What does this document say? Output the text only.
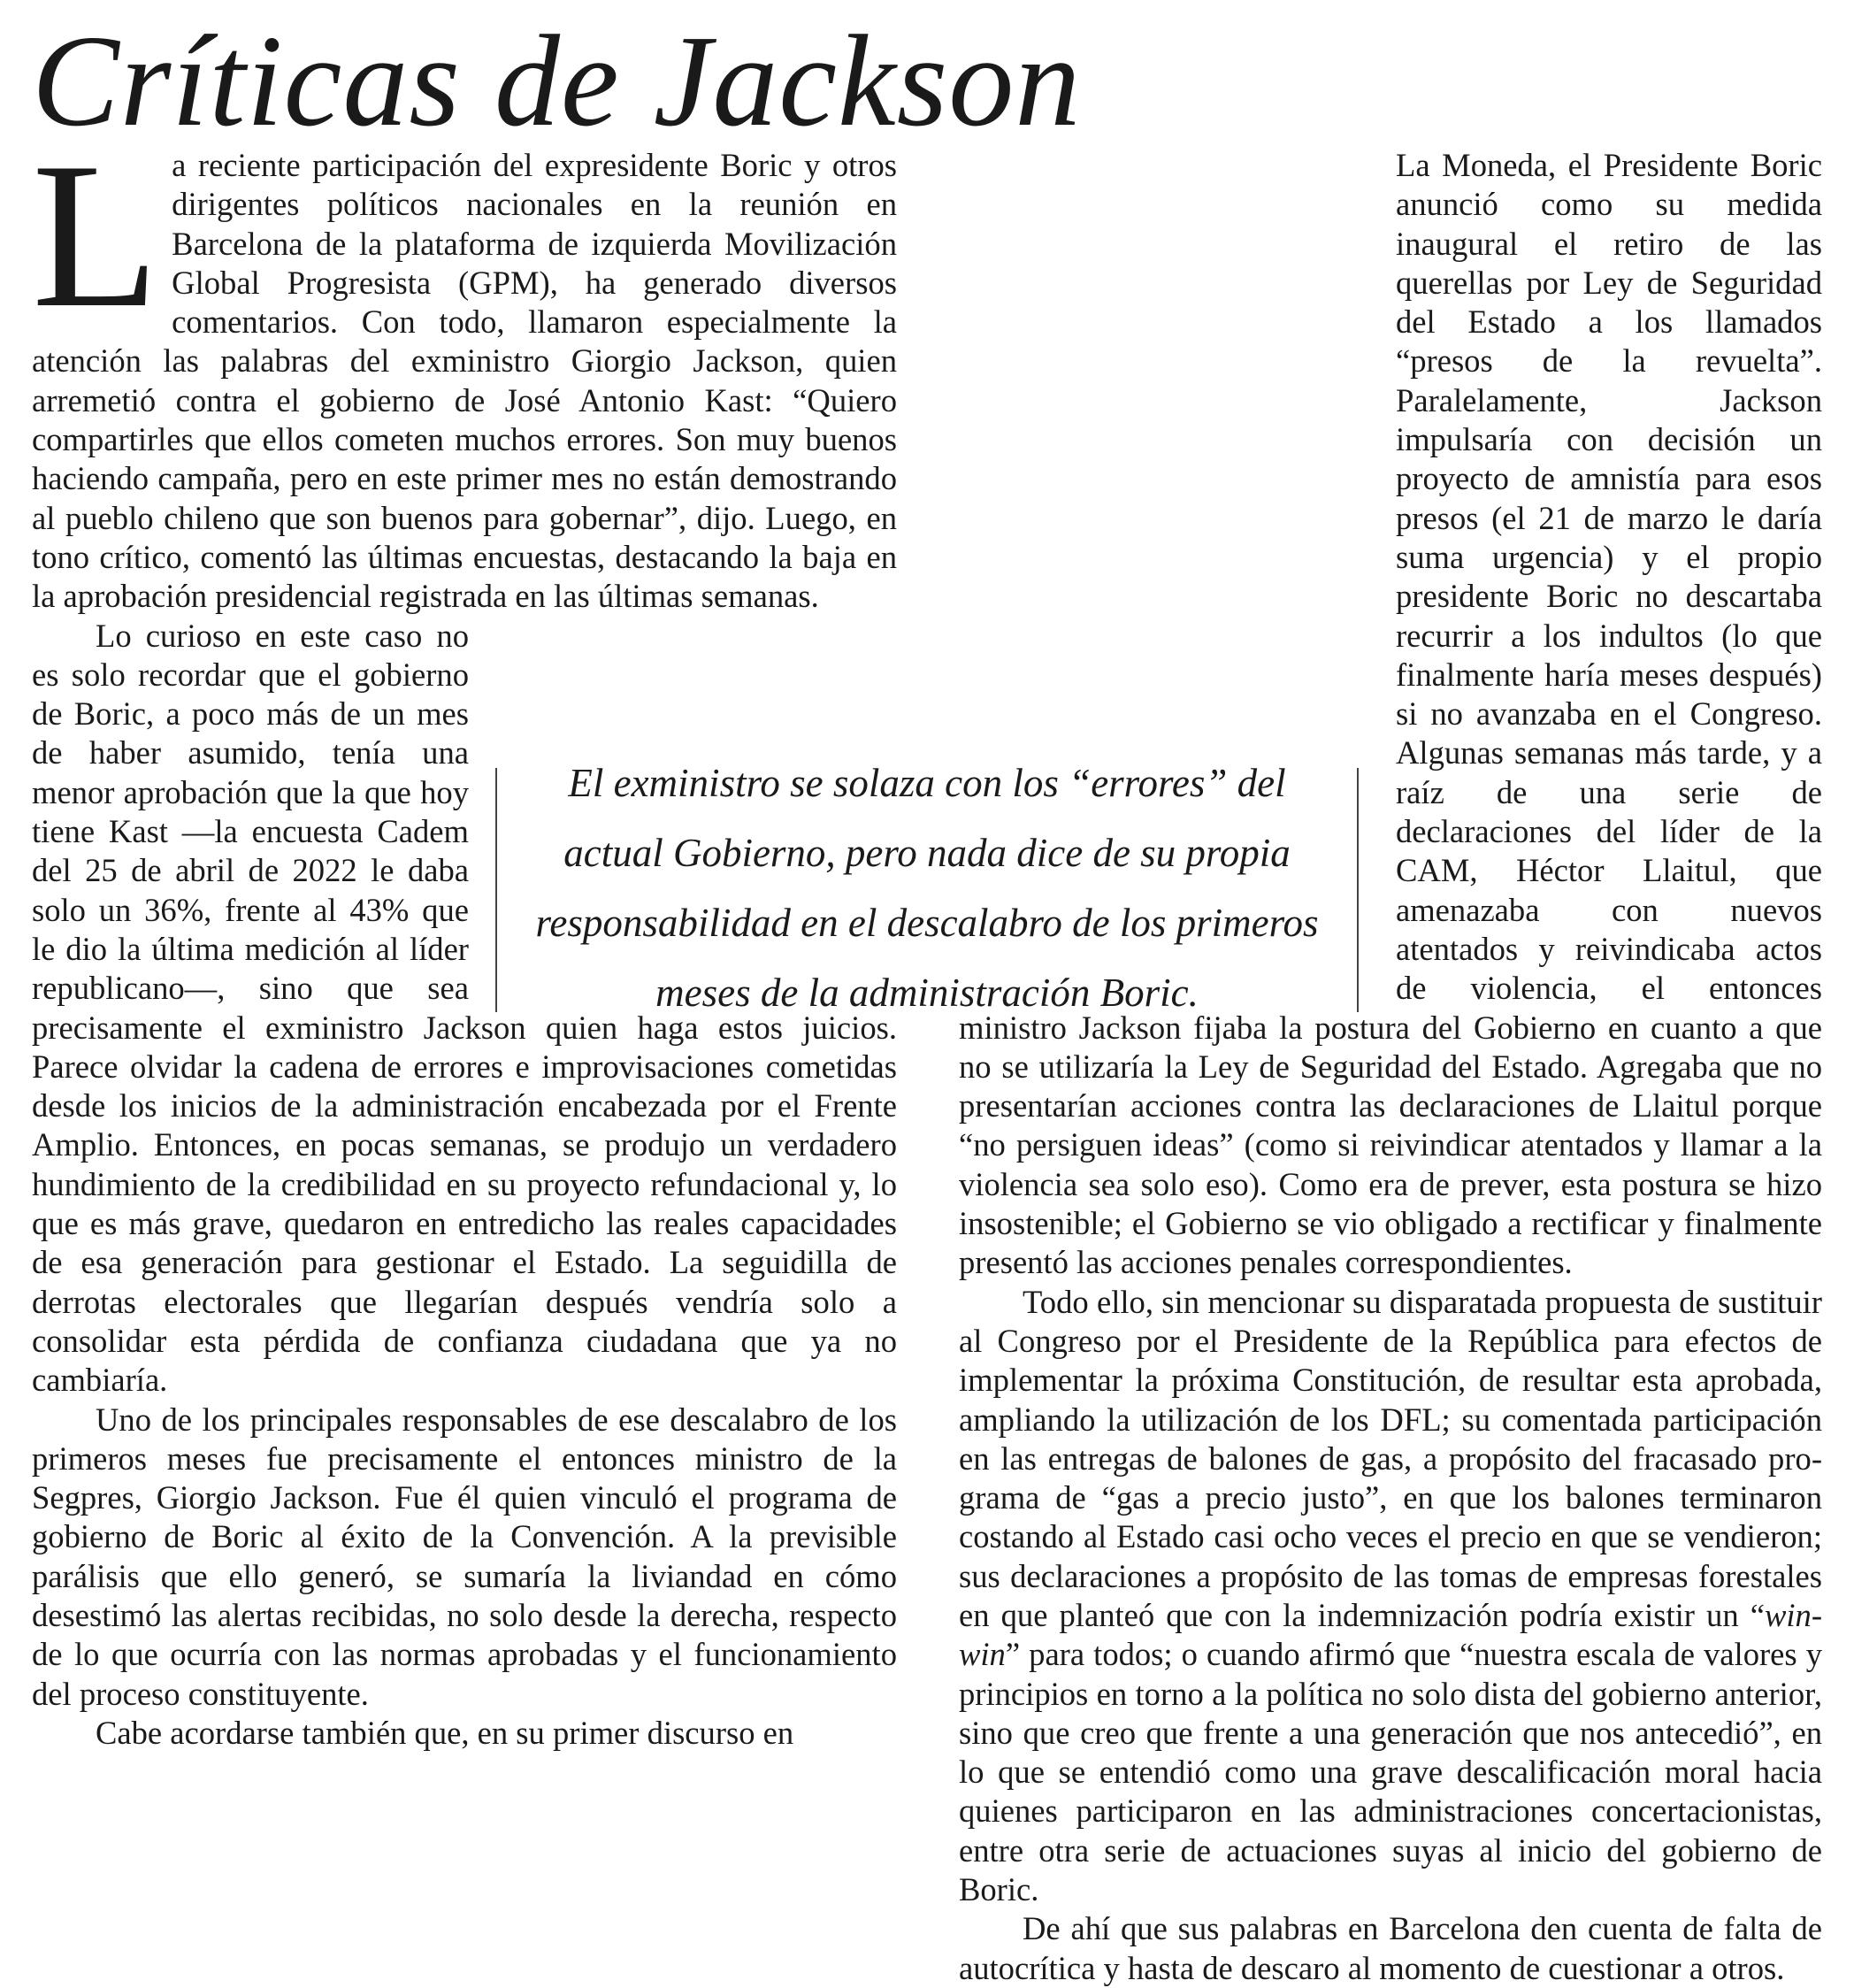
Críticas de Jackson

La reciente participación del expresidente Boric y otros dirigentes políticos nacionales en la reunión en Barcelona de la plataforma de izquierda Movilización Global Progresista (GPM), ha generado diversos comentarios. Con todo, llamaron especialmente la atención las palabras del exministro Giorgio Jackson, quien arremetió contra el gobierno de José Antonio Kast: “Quiero compartirles que ellos cometen muchos errores. Son muy buenos haciendo campaña, pero en este primer mes no están demostrando al pueblo chileno que son buenos para gobernar”, dijo. Luego, en tono crítico, comentó las últimas encuestas, destacando la baja en la aprobación presidencial registrada en las últimas semanas.

Lo curioso en este caso no es solo recordar que el gobierno de Boric, a poco más de un mes de haber asumido, tenía una menor aprobación que la que hoy tiene Kast —la encuesta Cadem del 25 de abril de 2022 le daba solo un 36%, frente al 43% que le dio la última medición al líder republicano—, sino que sea precisamente el exministro Jackson quien haga estos juicios. Parece olvidar la cadena de errores e improvisaciones cometidas desde los inicios de la administración encabezada por el Frente Amplio. Entonces, en pocas semanas, se produjo un verdadero hundimiento de la credibilidad en su proyecto refundacional y, lo que es más grave, quedaron en entredicho las reales capacidades de esa generación para gestionar el Estado. La seguidilla de derrotas electorales que llegarían después vendría solo a consolidar esta pérdida de confianza ciudadana que ya no cambiaría.

Uno de los principales responsables de ese descalabro de los primeros meses fue precisamente el entonces ministro de la Segpres, Giorgio Jackson. Fue él quien vinculó el programa de gobierno de Boric al éxito de la Convención. A la previsible parálisis que ello generó, se sumaría la liviandad en cómo desestimó las alertas recibidas, no solo desde la derecha, respecto de lo que ocurría con las normas aprobadas y el funcionamiento del proceso constituyente.

Cabe acordarse también que, en su primer discurso en

La Moneda, el Presidente Boric anunció como su medida inaugural el retiro de las querellas por Ley de Seguridad del Estado a los llamados “presos de la revuelta”. Paralelamente, Jackson impulsaría con decisión un proyecto de amnistía para esos presos (el 21 de marzo le daría suma urgencia) y el propio presidente Boric no descartaba recurrir a los indultos (lo que finalmente haría meses después) si no avanzaba en el Congreso. Algunas semanas más tarde, y a raíz de una serie de declaraciones del líder de la CAM, Héctor Llaitul, que amenazaba con nuevos atentados y reivindicaba actos de violencia, el entonces ministro Jackson fijaba la postura del Gobierno en cuanto a que no se utilizaría la Ley de Seguridad del Estado. Agregaba que no presentarían acciones contra las declaraciones de Llaitul porque “no persiguen ideas” (como si reivindicar atentados y llamar a la violencia sea solo eso). Como era de prever, esta postura se hizo insostenible; el Gobierno se vio obligado a rectificar y finalmente presentó las acciones penales correspondientes.

Todo ello, sin mencionar su disparatada propuesta de sustituir al Congreso por el Presidente de la República para efectos de implementar la próxima Constitución, de resultar esta aprobada, ampliando la utilización de los DFL; su comentada participación en las entregas de balones de gas, a propósito del fracasado programa de “gas a precio justo”, en que los balones terminaron costando al Estado casi ocho veces el precio en que se vendieron; sus declaraciones a propósito de las tomas de empresas forestales en que planteó que con la indemnización podría existir un “win-win” para todos; o cuando afirmó que “nuestra escala de valores y principios en torno a la política no solo dista del gobierno anterior, sino que creo que frente a una generación que nos antecedió”, en lo que se entendió como una grave descalificación moral hacia quienes participaron en las administraciones concertacionistas, entre otra serie de actuaciones suyas al inicio del gobierno de Boric.

De ahí que sus palabras en Barcelona den cuenta de falta de autocrítica y hasta de descaro al momento de cuestionar a otros.

El exministro se solaza con los “errores” del actual Gobierno, pero nada dice de su propia responsabilidad en el descalabro de los primeros meses de la administración Boric.
